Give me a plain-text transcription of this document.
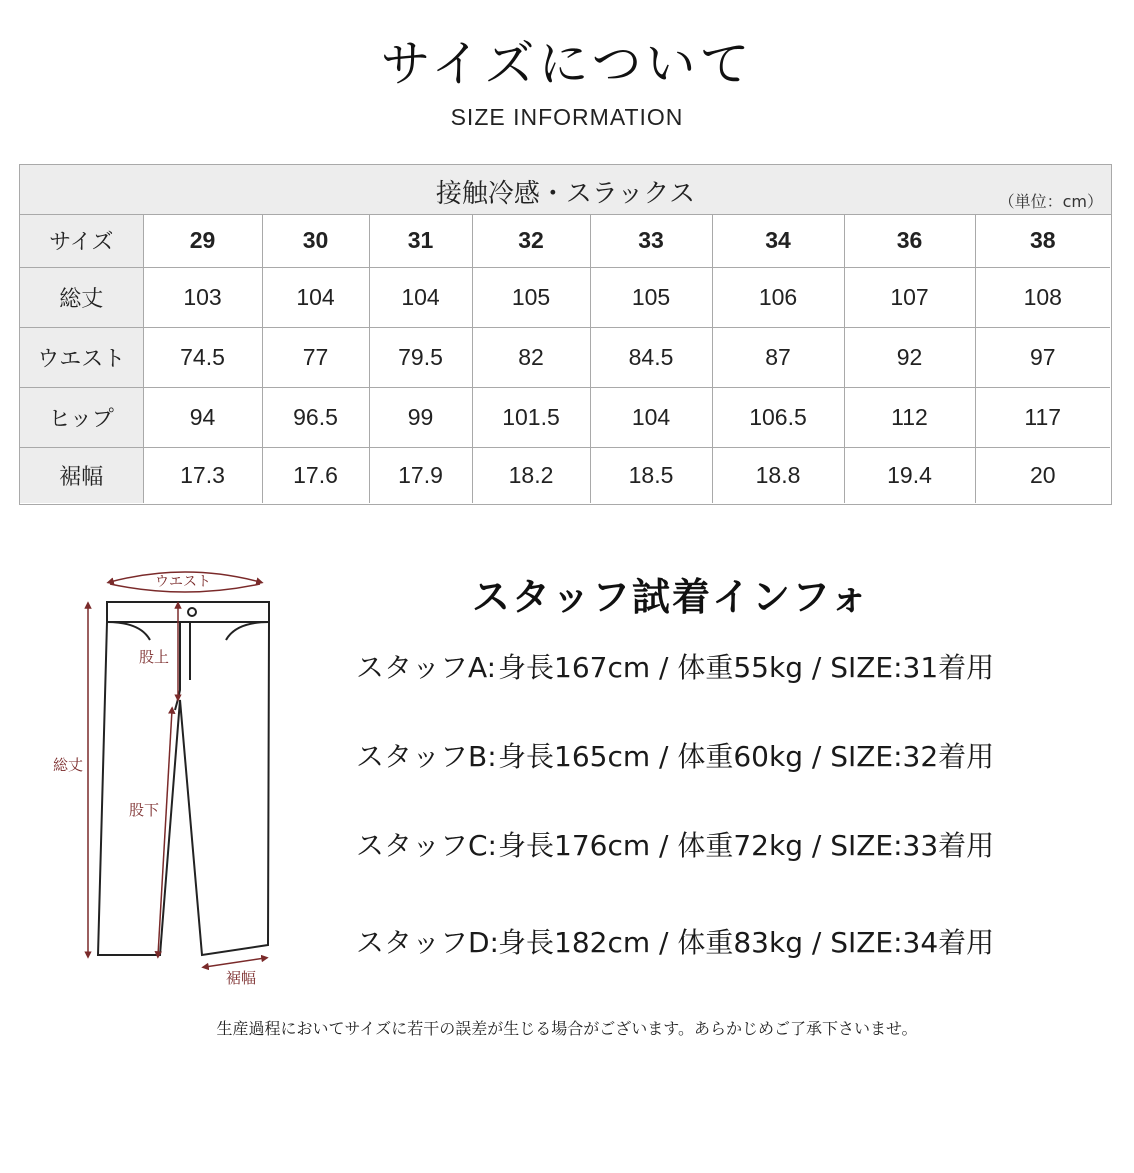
サイズについて
SIZE INFORMATION
接触冷感・スラックス	（単位：cm）
サイズ	29	30	31	32	33	34	36	38
総丈	103	104	104	105	105	106	107	108
ウエスト	74.5	77	79.5	82	84.5	87	92	97
ヒップ	94	96.5	99	101.5	104	106.5	112	117
裾幅	17.3	17.6	17.9	18.2	18.5	18.8	19.4	20
ウエスト
股上
総丈
股下
裾幅
スタッフ試着インフォ
スタッフA:身長167cm / 体重55kg / SIZE:31着用
スタッフB:身長165cm / 体重60kg / SIZE:32着用
スタッフC:身長176cm / 体重72kg / SIZE:33着用
スタッフD:身長182cm / 体重83kg / SIZE:34着用
生産過程においてサイズに若干の誤差が生じる場合がございます。あらかじめご了承下さいませ。
